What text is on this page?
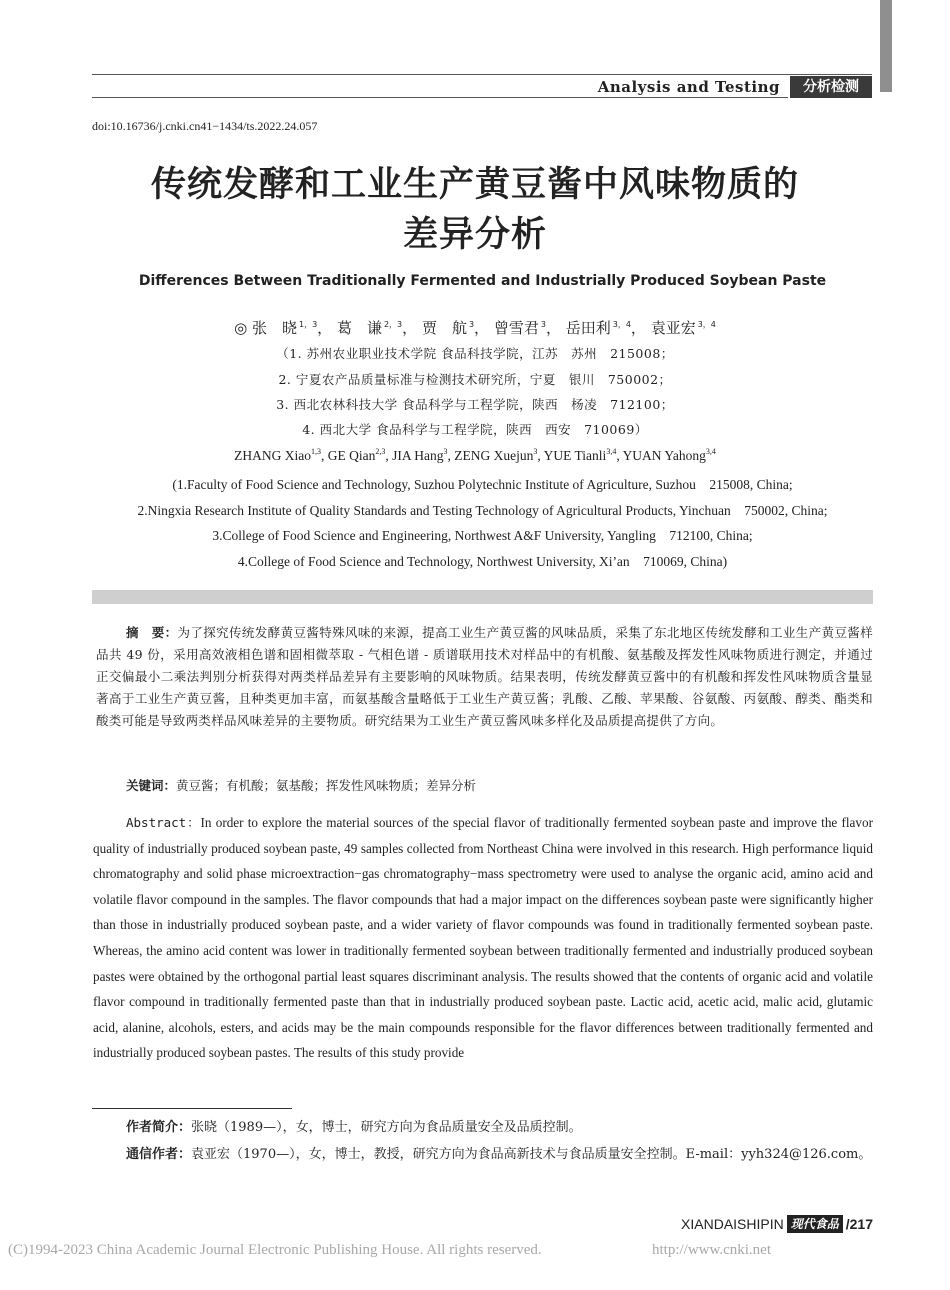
Analysis and Testing	分析检测
doi:10.16736/j.cnki.cn41−1434/ts.2022.24.057
传统发酵和工业生产黄豆酱中风味物质的
差异分析
Differences Between Traditionally Fermented and Industrially Produced Soybean Paste
◎ 张　晓 $^{1,3}$， 葛　谦 $^{2,3}$， 贾　航 $^3$， 曾雪君 $^3$， 岳田利 $^{3,4}$， 袁亚宏 $^{3,4}$
（1. 苏州农业职业技术学院 食品科技学院，江苏　苏州　215008；
2. 宁夏农产品质量标准与检测技术研究所，宁夏　银川　750002；
3. 西北农林科技大学 食品科学与工程学院，陕西　杨凌　712100；
4. 西北大学 食品科学与工程学院，陕西　西安　710069）
ZHANG Xiao$^{1,3}$, GE Qian$^{2,3}$, JIA Hang$^3$, ZENG Xuejun$^3$, YUE Tianli$^{3,4}$, YUAN Yahong$^{3,4}$
(1.Faculty of Food Science and Technology, Suzhou Polytechnic Institute of Agriculture, Suzhou　215008, China;
2.Ningxia Research Institute of Quality Standards and Testing Technology of Agricultural Products, Yinchuan　750002, China;
3.College of Food Science and Engineering, Northwest A&F University, Yangling　712100, China;
4.College of Food Science and Technology, Northwest University, Xi’an　710069, China)
摘　要：为了探究传统发酵黄豆酱特殊风味的来源，提高工业生产黄豆酱的风味品质，采集了东北地区传统发酵和工业生产黄豆酱样品共 49 份，采用高效液相色谱和固相微萃取 - 气相色谱 - 质谱联用技术对样品中的有机酸、氨基酸及挥发性风味物质进行测定，并通过正交偏最小二乘法判别分析获得对两类样品差异有主要影响的风味物质。结果表明，传统发酵黄豆酱中的有机酸和挥发性风味物质含量显著高于工业生产黄豆酱，且种类更加丰富，而氨基酸含量略低于工业生产黄豆酱；乳酸、乙酸、苹果酸、谷氨酸、丙氨酸、醇类、酯类和酸类可能是导致两类样品风味差异的主要物质。研究结果为工业生产黄豆酱风味多样化及品质提高提供了方向。
关键词：黄豆酱；有机酸；氨基酸；挥发性风味物质；差异分析
Abstract：In order to explore the material sources of the special flavor of traditionally fermented soybean paste and improve the flavor quality of industrially produced soybean paste, 49 samples collected from Northeast China were involved in this research. High performance liquid chromatography and solid phase microextraction−gas chromatography−mass spectrometry were used to analyse the organic acid, amino acid and volatile flavor compound in the samples. The flavor compounds that had a major impact on the differences soybean paste were significantly higher than those in industrially produced soybean paste, and a wider variety of flavor compounds was found in traditionally fermented soybean paste. Whereas, the amino acid content was lower in traditionally fermented soybean between traditionally fermented and industrially produced soybean pastes were obtained by the orthogonal partial least squares discriminant analysis. The results showed that the contents of organic acid and volatile flavor compound in traditionally fermented paste than that in industrially produced soybean paste. Lactic acid, acetic acid, malic acid, glutamic acid, alanine, alcohols, esters, and acids may be the main compounds responsible for the flavor differences between traditionally fermented and industrially produced soybean pastes. The results of this study provide
作者简介：张晓（1989—），女，博士，研究方向为食品质量安全及品质控制。
通信作者：袁亚宏（1970—），女，博士，教授，研究方向为食品高新技术与食品质量安全控制。E-mail：yyh324@126.com。
XIANDAISHIPIN 现代食品 /217
(C)1994-2023 China Academic Journal Electronic Publishing House. All rights reserved.	http://www.cnki.net
